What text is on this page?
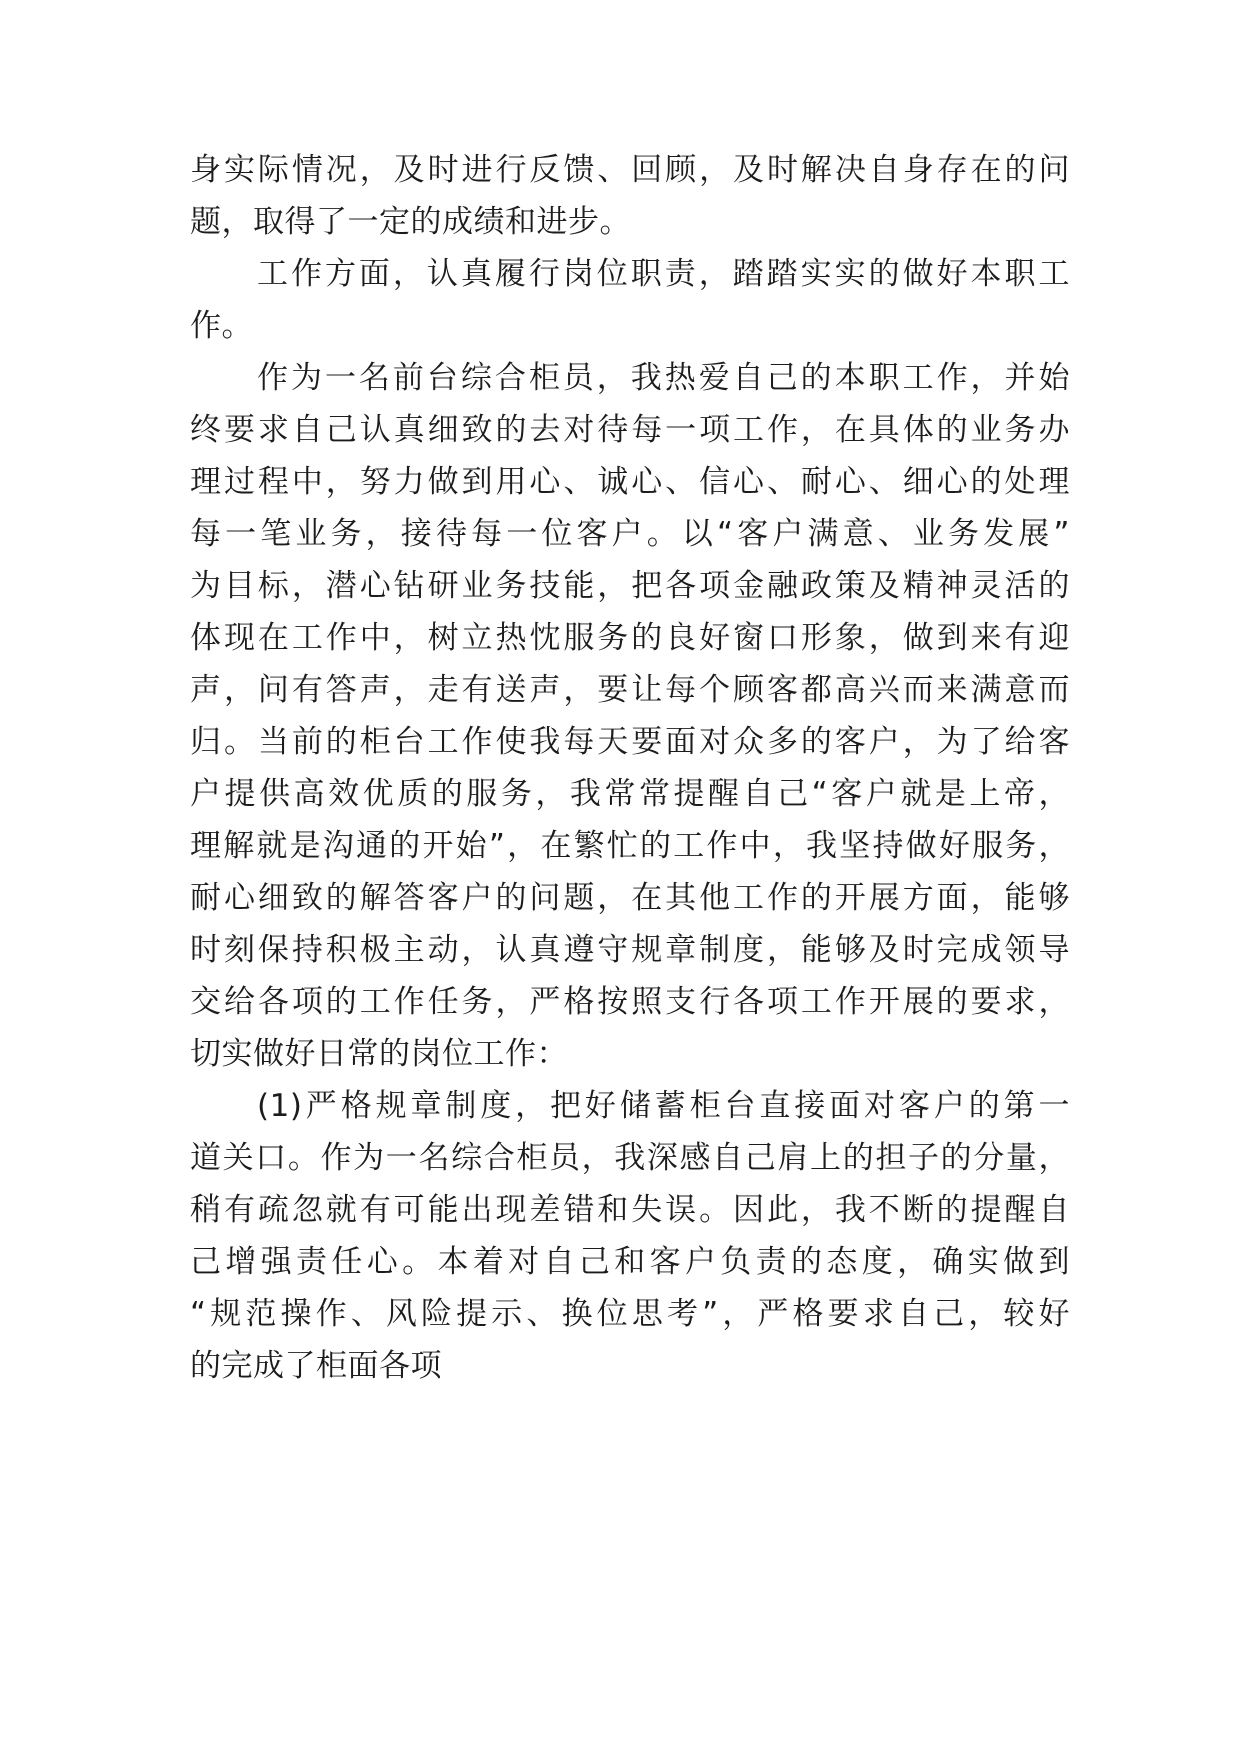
身实际情况，及时进行反馈、回顾，及时解决自身存在的问
题，取得了一定的成绩和进步。
工作方面，认真履行岗位职责，踏踏实实的做好本职工
作。
作为一名前台综合柜员，我热爱自己的本职工作，并始
终要求自己认真细致的去对待每一项工作，在具体的业务办
理过程中，努力做到用心、诚心、信心、耐心、细心的处理
每一笔业务，接待每一位客户。以“客户满意、业务发展”
为目标，潜心钻研业务技能，把各项金融政策及精神灵活的
体现在工作中，树立热忱服务的良好窗口形象，做到来有迎
声，问有答声，走有送声，要让每个顾客都高兴而来满意而
归。当前的柜台工作使我每天要面对众多的客户，为了给客
户提供高效优质的服务，我常常提醒自己“客户就是上帝，
理解就是沟通的开始”，在繁忙的工作中，我坚持做好服务，
耐心细致的解答客户的问题，在其他工作的开展方面，能够
时刻保持积极主动，认真遵守规章制度，能够及时完成领导
交给各项的工作任务，严格按照支行各项工作开展的要求，
切实做好日常的岗位工作：
(1)严格规章制度，把好储蓄柜台直接面对客户的第一
道关口。作为一名综合柜员，我深感自己肩上的担子的分量，
稍有疏忽就有可能出现差错和失误。因此，我不断的提醒自
己增强责任心。本着对自己和客户负责的态度，确实做到
“规范操作、风险提示、换位思考”，严格要求自己，较好
的完成了柜面各项
